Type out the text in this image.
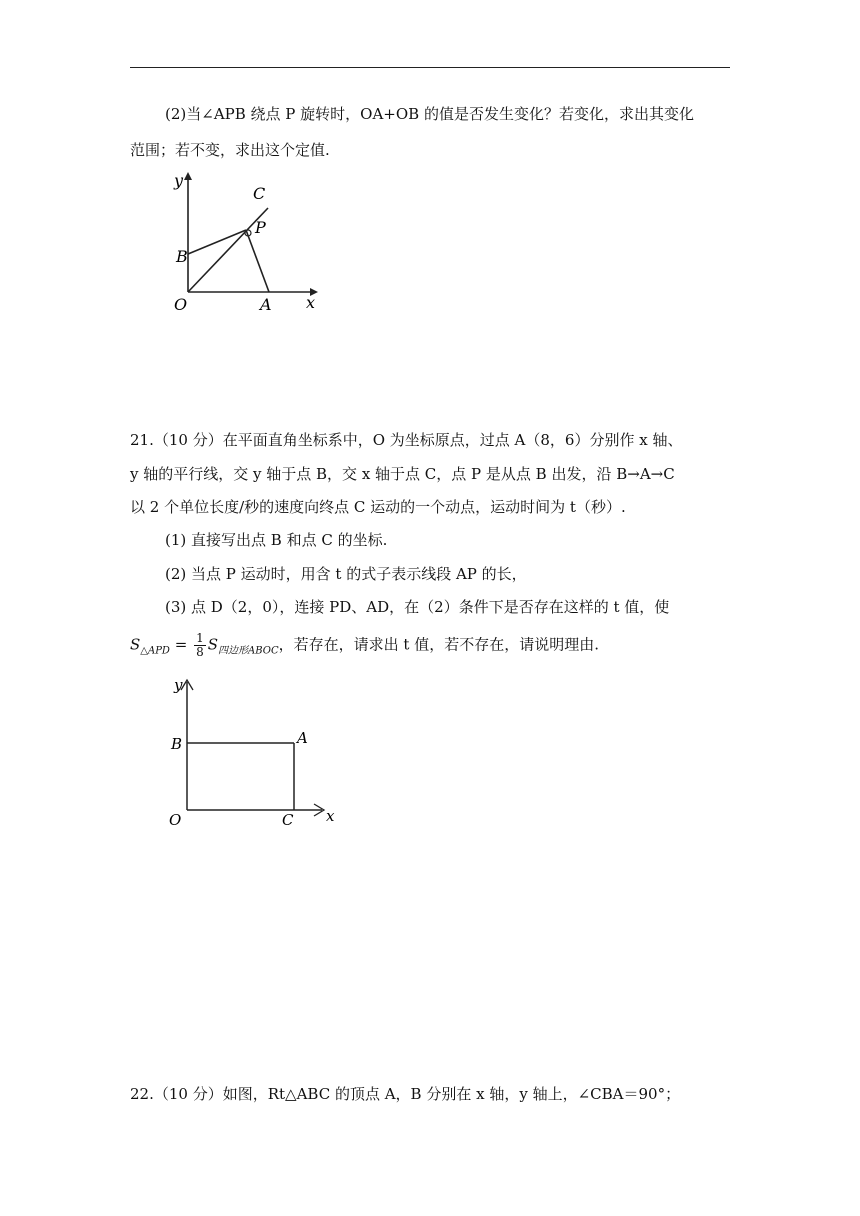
(2)当∠APB 绕点 P 旋转时，OA+OB 的值是否发生变化？若变化，求出其变化
范围；若不变，求出这个定值.
y
x
C
P
B
O	A
21.（10 分）在平面直角坐标系中，O 为坐标原点，过点 A（8，6）分别作 x 轴、
y 轴的平行线，交 y 轴于点 B，交 x 轴于点 C，点 P 是从点 B 出发，沿 B→A→C
以 2 个单位长度/秒的速度向终点 C 运动的一个动点，运动时间为 t（秒）.
(1) 直接写出点 B 和点 C 的坐标.
(2) 当点 P 运动时，用含 t 的式子表示线段 AP 的长，
(3) 点 D（2，0），连接 PD、AD，在（2）条件下是否存在这样的 t 值，使
$S_{\triangle APD} = \frac{1}{8} S_{四边形ABOC}$，若存在，请求出 t 值，若不存在，请说明理由.
y
x
B	A
O	C
22.（10 分）如图，Rt△ABC 的顶点 A，B 分别在 x 轴，y 轴上，∠CBA＝90°；
